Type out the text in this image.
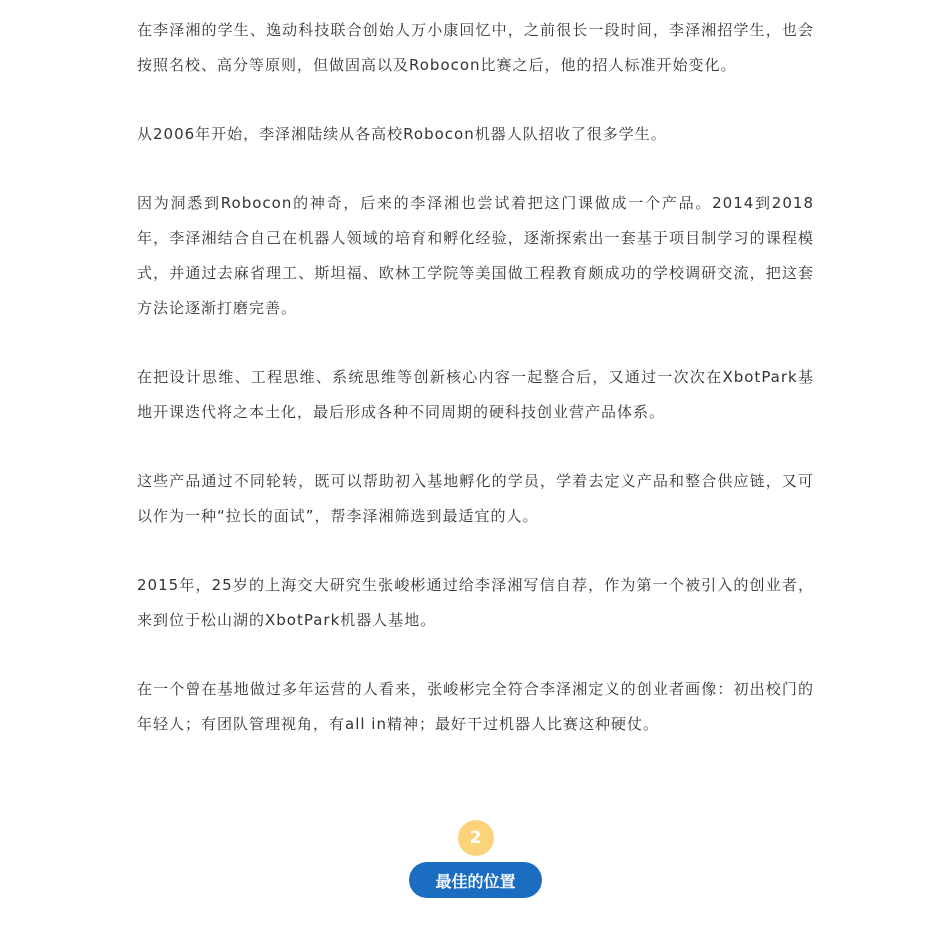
在李泽湘的学生、逸动科技联合创始人万小康回忆中，之前很长一段时间，李泽湘招学生，也会按照名校、高分等原则，但做固高以及Robocon比赛之后，他的招人标准开始变化。

从2006年开始，李泽湘陆续从各高校Robocon机器人队招收了很多学生。

因为洞悉到Robocon的神奇，后来的李泽湘也尝试着把这门课做成一个产品。2014到2018年，李泽湘结合自己在机器人领域的培育和孵化经验，逐渐探索出一套基于项目制学习的课程模式，并通过去麻省理工、斯坦福、欧林工学院等美国做工程教育颇成功的学校调研交流，把这套方法论逐渐打磨完善。

在把设计思维、工程思维、系统思维等创新核心内容一起整合后，又通过一次次在XbotPark基地开课迭代将之本土化，最后形成各种不同周期的硬科技创业营产品体系。

这些产品通过不同轮转，既可以帮助初入基地孵化的学员，学着去定义产品和整合供应链，又可以作为一种“拉长的面试”，帮李泽湘筛选到最适宜的人。

2015年，25岁的上海交大研究生张峻彬通过给李泽湘写信自荐，作为第一个被引入的创业者，来到位于松山湖的XbotPark机器人基地。

在一个曾在基地做过多年运营的人看来，张峻彬完全符合李泽湘定义的创业者画像：初出校门的年轻人；有团队管理视角，有all in精神；最好干过机器人比赛这种硬仗。

2
最佳的位置
